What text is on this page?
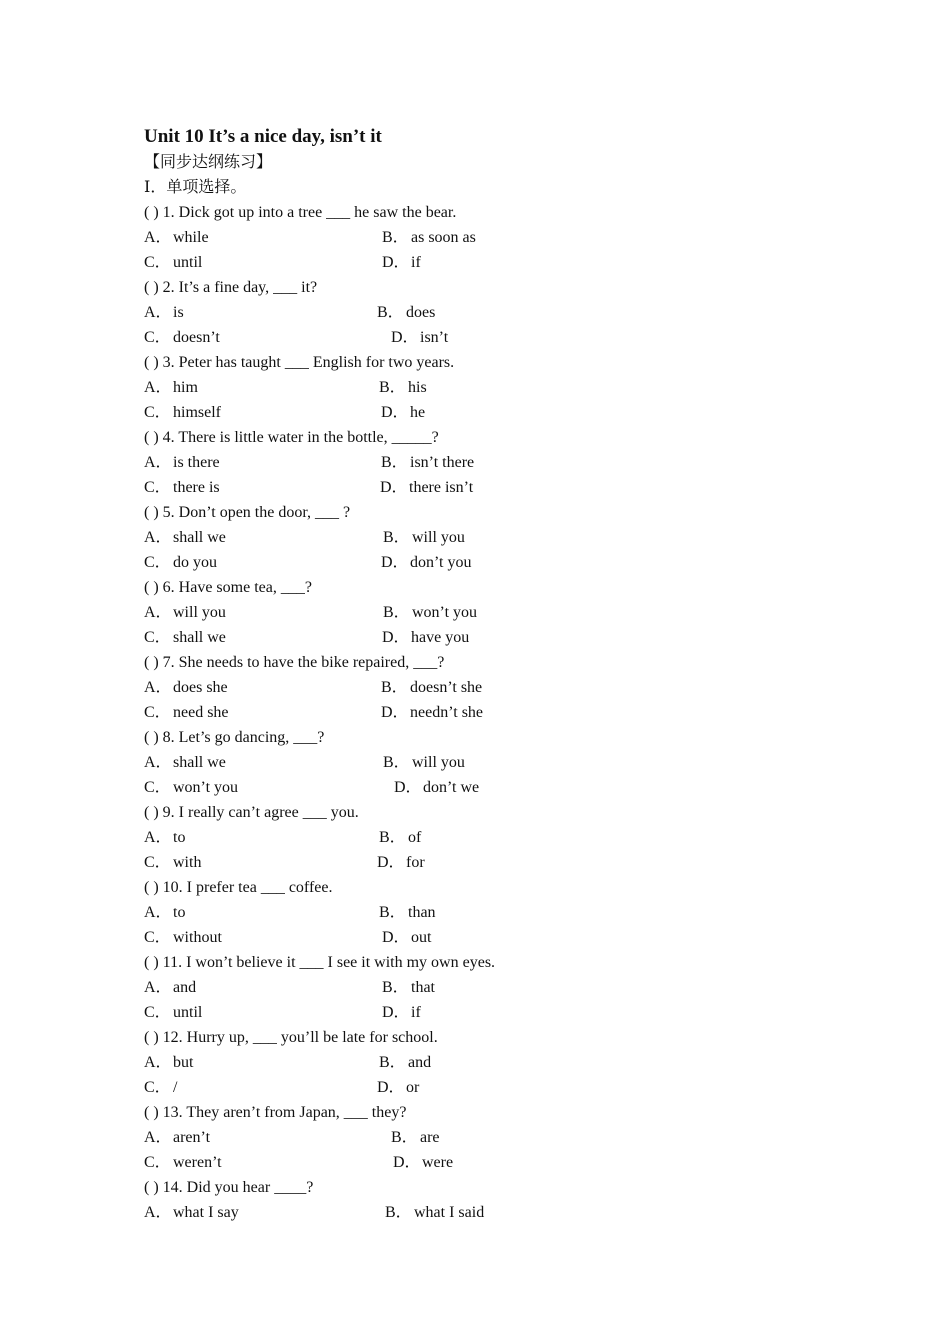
Unit 10 It’s a nice day, isn’t it
【同步达纲练习】
Ⅰ．单项选择。
( ) 1. Dick got up into a tree ___ he saw the bear.
A．while	B． as soon as
C． until	D．if
( ) 2. It’s a fine day, ___ it?
A．is	B． does
C． doesn’t	D．isn’t
( ) 3. Peter has taught ___ English for two years.
A．him	B． his
C． himself	D．he
( ) 4. There is little water in the bottle, _____?
A．is there	B． isn’t there
C． there is	D．there isn’t
( ) 5. Don’t open the door, ___ ?
A．shall we	B． will you
C． do you	D．don’t you
( ) 6. Have some tea, ___?
A．will you	B． won’t you
C． shall we	D．have you
( ) 7. She needs to have the bike repaired, ___?
A．does she	B． doesn’t she
C． need she	D．needn’t she
( ) 8. Let’s go dancing, ___?
A．shall we	B． will you
C． won’t you	D．don’t we
( ) 9. I really can’t agree ___ you.
A．to	B． of
C． with	D．for
( ) 10. I prefer tea ___ coffee.
A．to	B． than
C． without	D．out
( ) 11. I won’t believe it ___ I see it with my own eyes.
A．and	B． that
C． until	D．if
( ) 12. Hurry up, ___ you’ll be late for school.
A．but	B． and
C． /	D．or
( ) 13. They aren’t from Japan, ___ they?
A．aren’t	B． are
C． weren’t	D．were
( ) 14. Did you hear ____?
A．what I say	B． what I said
